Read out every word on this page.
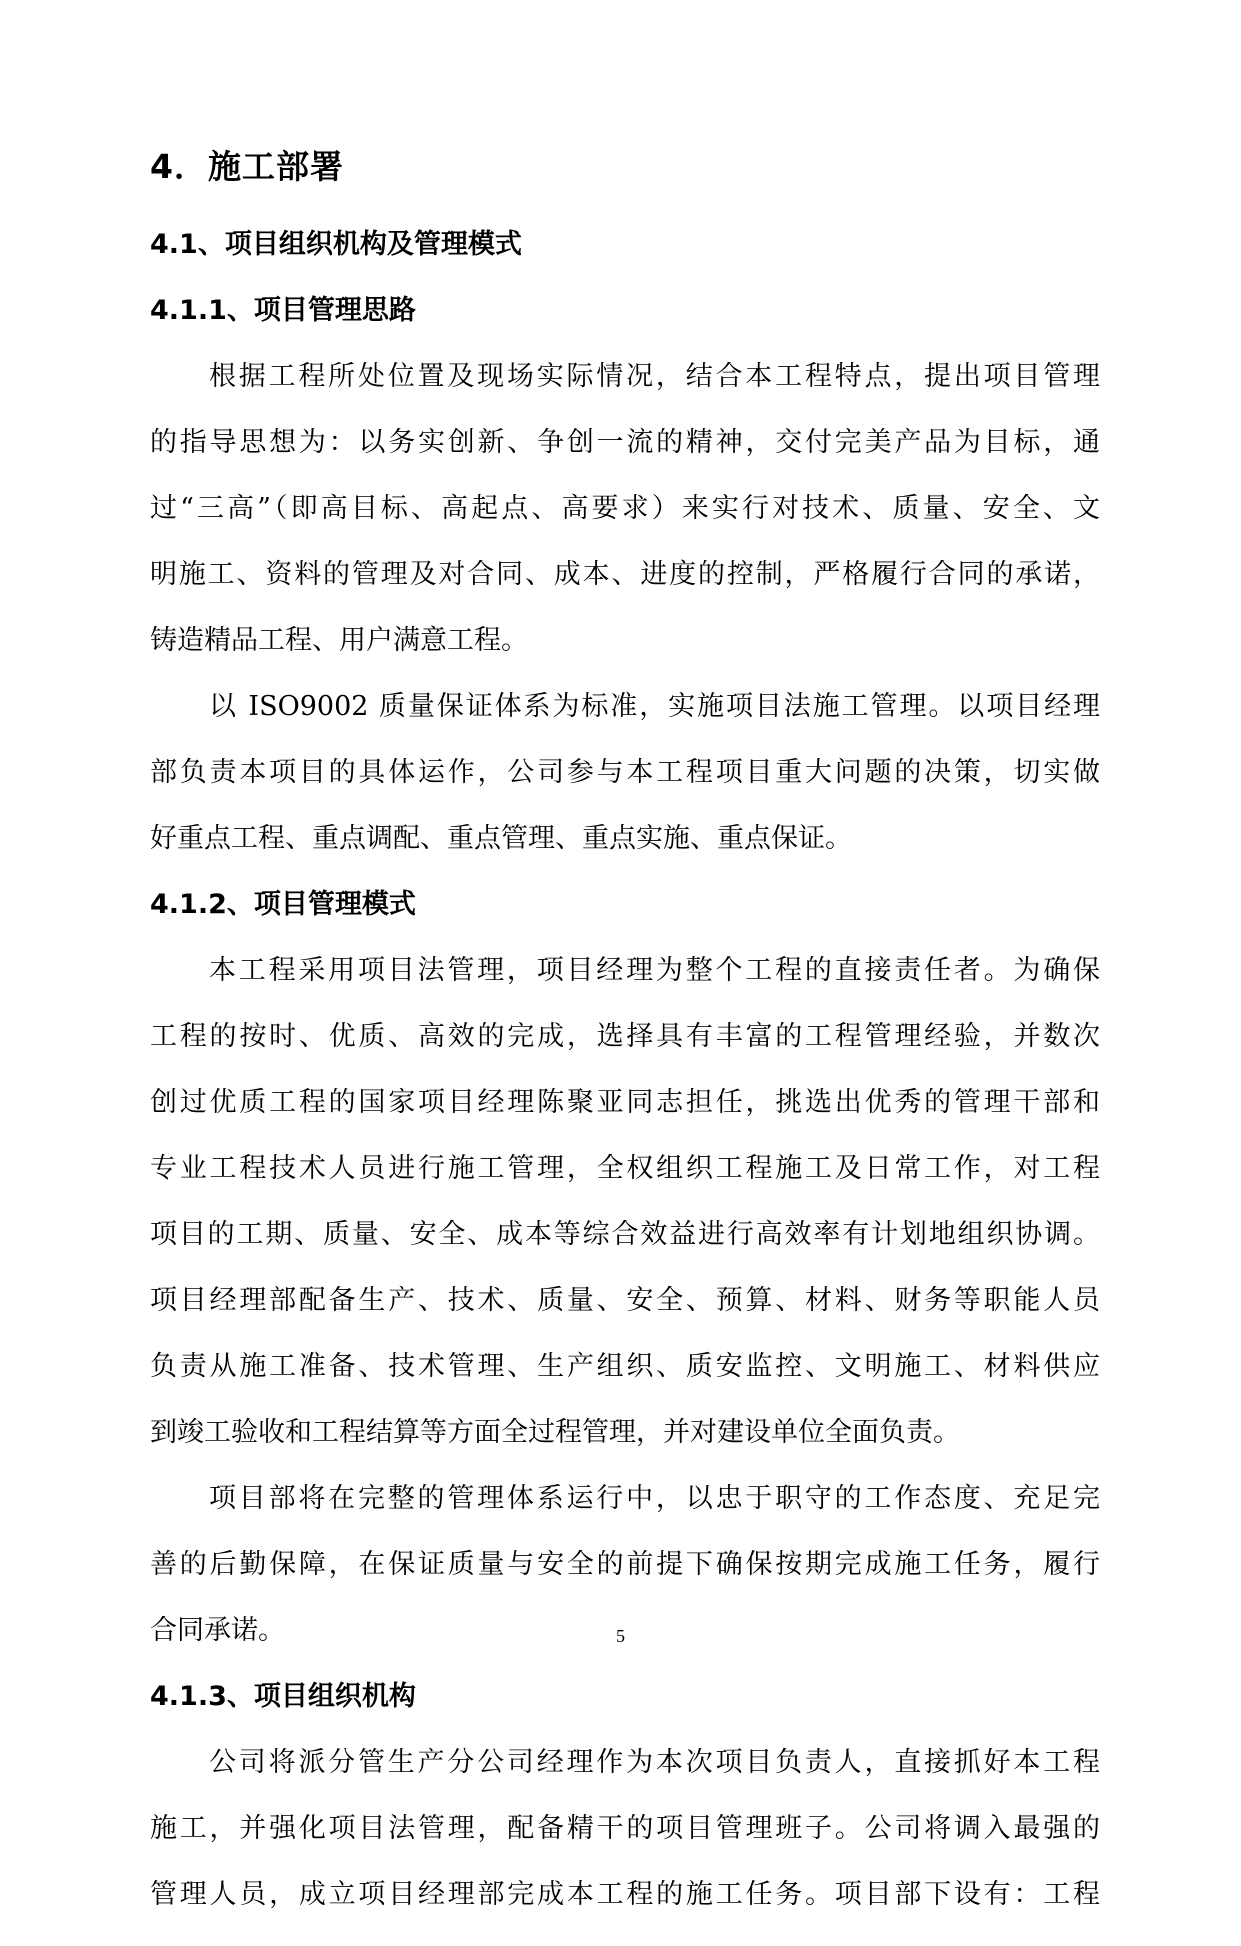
4．施工部署
4.1、项目组织机构及管理模式
4.1.1、项目管理思路
根据工程所处位置及现场实际情况，结合本工程特点，提出项目管理
的指导思想为：以务实创新、争创一流的精神，交付完美产品为目标，通
过“三高”（即高目标、高起点、高要求）来实行对技术、质量、安全、文
明施工、资料的管理及对合同、成本、进度的控制，严格履行合同的承诺，
铸造精品工程、用户满意工程。
以 ISO9002 质量保证体系为标准，实施项目法施工管理。以项目经理
部负责本项目的具体运作，公司参与本工程项目重大问题的决策，切实做
好重点工程、重点调配、重点管理、重点实施、重点保证。
4.1.2、项目管理模式
本工程采用项目法管理，项目经理为整个工程的直接责任者。为确保
工程的按时、优质、高效的完成，选择具有丰富的工程管理经验，并数次
创过优质工程的国家项目经理陈聚亚同志担任，挑选出优秀的管理干部和
专业工程技术人员进行施工管理，全权组织工程施工及日常工作，对工程
项目的工期、质量、安全、成本等综合效益进行高效率有计划地组织协调。
项目经理部配备生产、技术、质量、安全、预算、材料、财务等职能人员
负责从施工准备、技术管理、生产组织、质安监控、文明施工、材料供应
到竣工验收和工程结算等方面全过程管理，并对建设单位全面负责。
项目部将在完整的管理体系运行中，以忠于职守的工作态度、充足完
善的后勤保障，在保证质量与安全的前提下确保按期完成施工任务，履行
合同承诺。
4.1.3、项目组织机构
公司将派分管生产分公司经理作为本次项目负责人，直接抓好本工程
施工，并强化项目法管理，配备精干的项目管理班子。公司将调入最强的
管理人员，成立项目经理部完成本工程的施工任务。项目部下设有：工程
5
